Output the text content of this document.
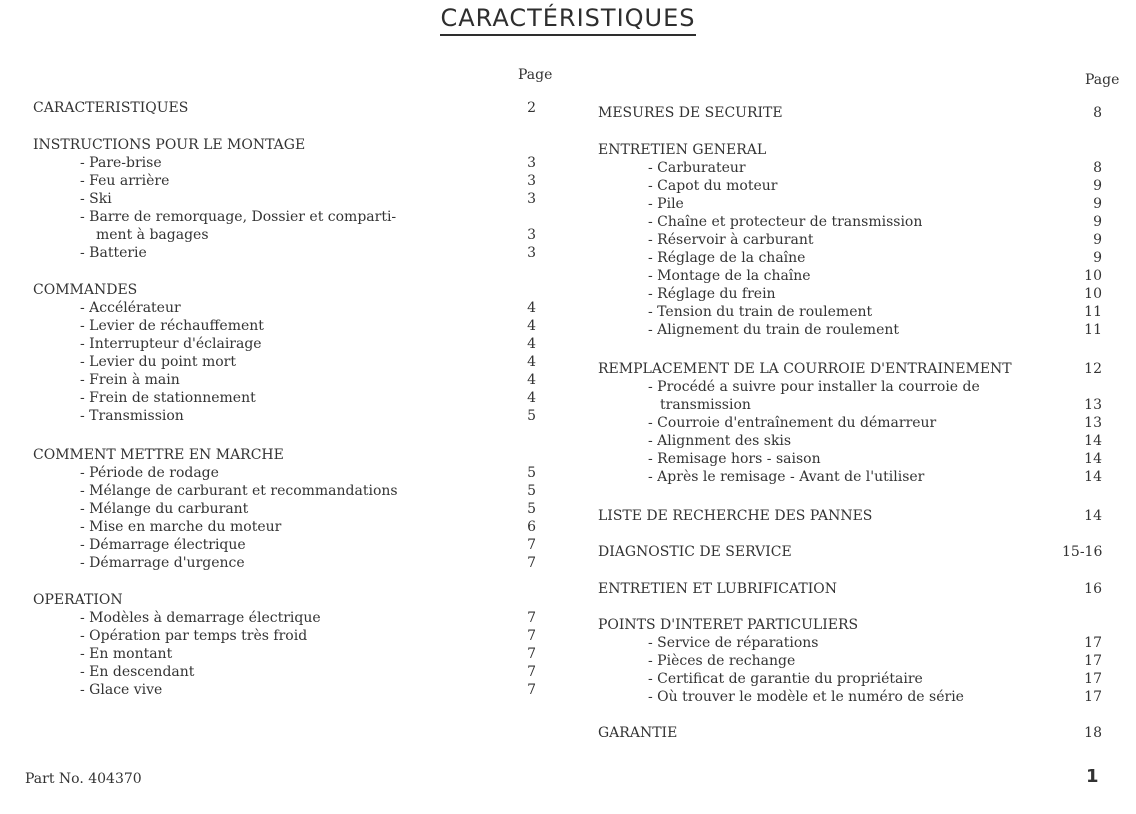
CARACTÉRISTIQUES
Page
CARACTERISTIQUES	2
INSTRUCTIONS POUR LE MONTAGE
- Pare-brise	3
- Feu arrière	3
- Ski	3
- Barre de remorquage, Dossier et comparti-
ment à bagages	3
- Batterie	3
COMMANDES
- Accélérateur	4
- Levier de réchauffement	4
- Interrupteur d'éclairage	4
- Levier du point mort	4
- Frein à main	4
- Frein de stationnement	4
- Transmission	5
COMMENT METTRE EN MARCHE
- Période de rodage	5
- Mélange de carburant et recommandations	5
- Mélange du carburant	5
- Mise en marche du moteur	6
- Démarrage électrique	7
- Démarrage d'urgence	7
OPERATION
- Modèles à demarrage électrique	7
- Opération par temps très froid	7
- En montant	7
- En descendant	7
- Glace vive	7
Page
MESURES DE SECURITE	8
ENTRETIEN GENERAL
- Carburateur	8
- Capot du moteur	9
- Pile	9
- Chaîne et protecteur de transmission	9
- Réservoir à carburant	9
- Réglage de la chaîne	9
- Montage de la chaîne	10
- Réglage du frein	10
- Tension du train de roulement	11
- Alignement du train de roulement	11
REMPLACEMENT DE LA COURROIE D'ENTRAINEMENT	12
- Procédé a suivre pour installer la courroie de
transmission	13
- Courroie d'entraînement du démarreur	13
- Alignment des skis	14
- Remisage hors - saison	14
- Après le remisage - Avant de l'utiliser	14
LISTE DE RECHERCHE DES PANNES	14
DIAGNOSTIC DE SERVICE	15-16
ENTRETIEN ET LUBRIFICATION	16
POINTS D'INTERET PARTICULIERS
- Service de réparations	17
- Pièces de rechange	17
- Certificat de garantie du propriétaire	17
- Où trouver le modèle et le numéro de série	17
GARANTIE	18
Part No. 404370	1
